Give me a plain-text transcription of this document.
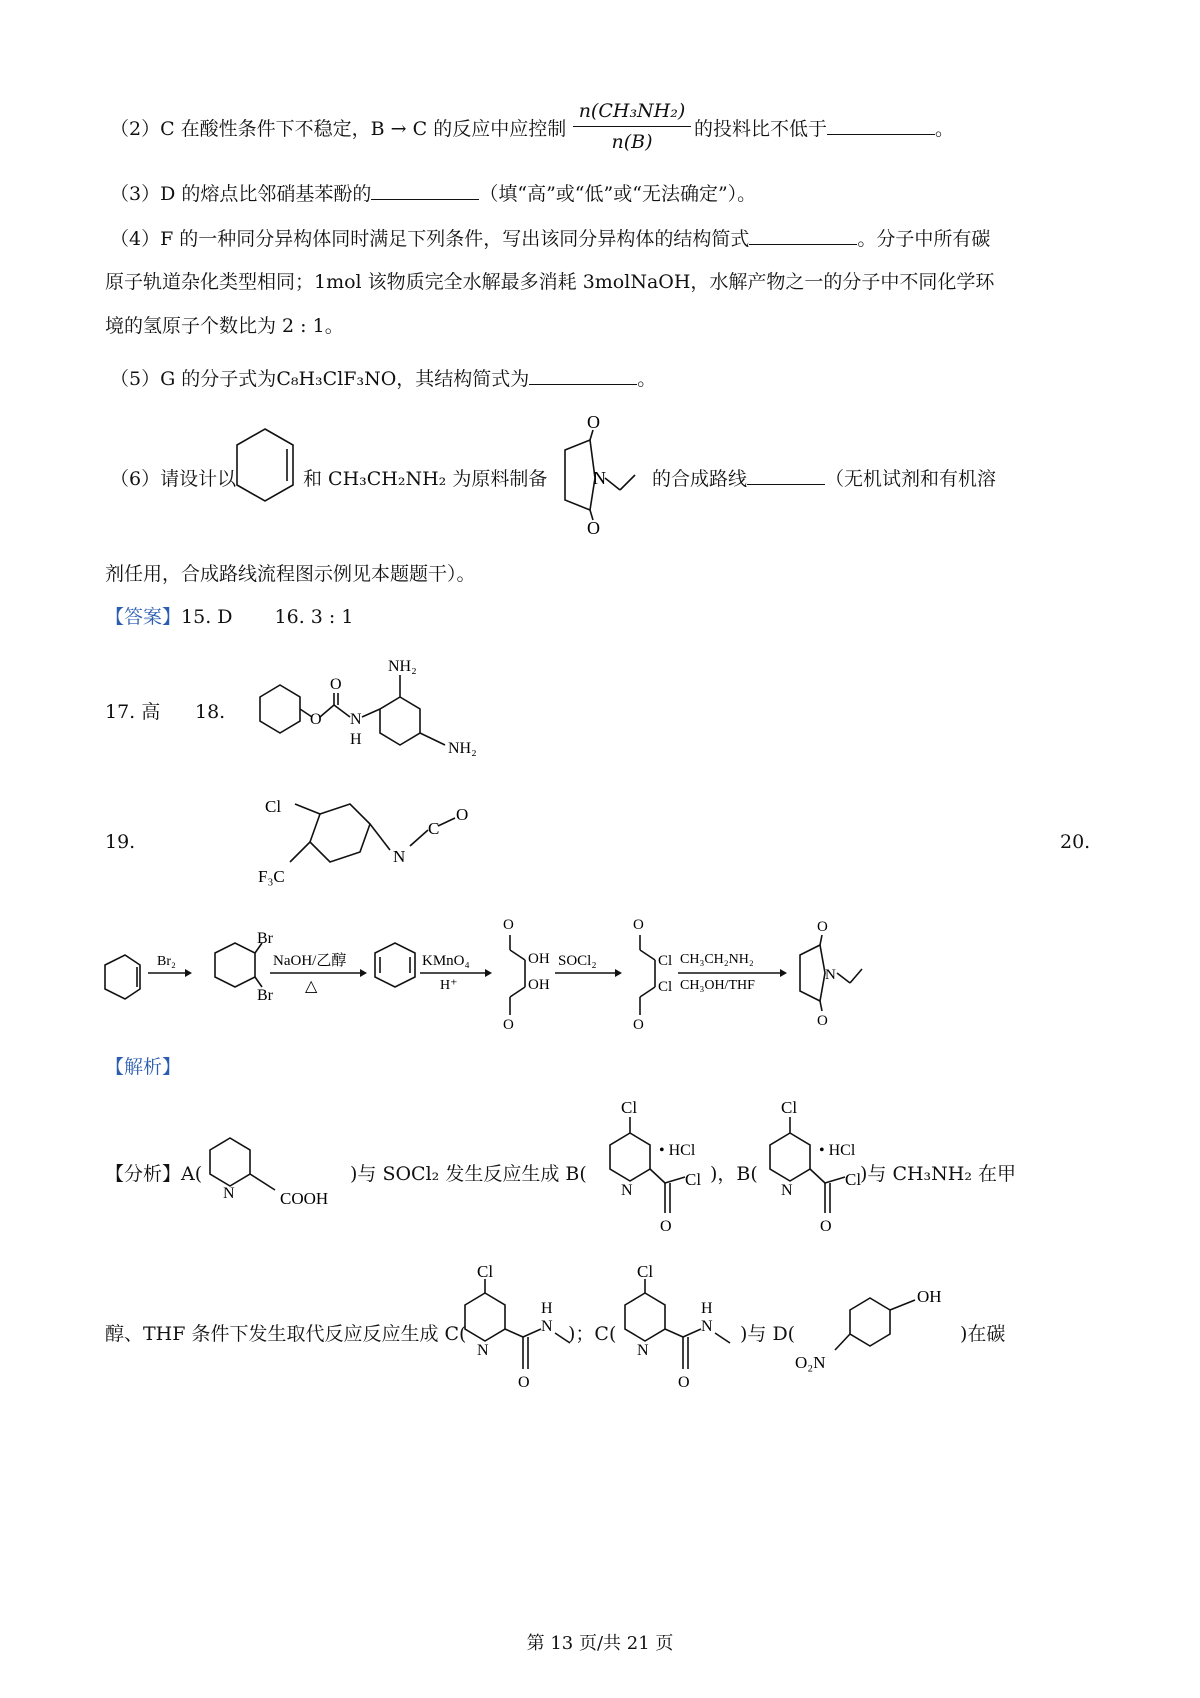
（2）C 在酸性条件下不稳定，B → C 的反应中应控制
n(CH₃NH₂)
n(B)
的投料比不低于	。
（3）D 的熔点比邻硝基苯酚的	（填“高”或“低”或“无法确定”）。
（4）F 的一种同分异构体同时满足下列条件，写出该同分异构体的结构简式	。分子中所有碳
原子轨道杂化类型相同；1mol 该物质完全水解最多消耗 3molNaOH，水解产物之一的分子中不同化学环
境的氢原子个数比为 2 : 1。
（5）G 的分子式为C₈H₃ClF₃NO，其结构简式为	。
（6）请设计以	和 CH₃CH₂NH₂ 为原料制备
O
O
N 的合成路线	（无机试剂和有机溶
剂任用，合成路线流程图示例见本题题干）。
【答案】15. D 16. 3 : 1
17. 高 18.	O
O
N
H
NH₂
NH₂
19.
Cl
F₃C
N
C
O
20.
Br₂
Br
Br
NaOH/乙醇
△
KMnO₄
H⁺
O
OH
OH
O
SOCl₂
O
Cl
Cl
O
CH₃CH₂NH₂
CH₃OH/THF
O
N
O
【解析】
【分析】A(
N	COOH
)与 SOCl₂ 发生反应生成 B(
Cl
N
• HCl
Cl
O
)，B(
Cl
N
• HCl
Cl
O
)与 CH₃NH₂ 在甲
醇、THF 条件下发生取代反应反应生成 C(
Cl
N
N
H
O
)；C(
Cl
N
N
H
O
)与 D(
OH
O₂N
)在碳
第 13 页/共 21 页
